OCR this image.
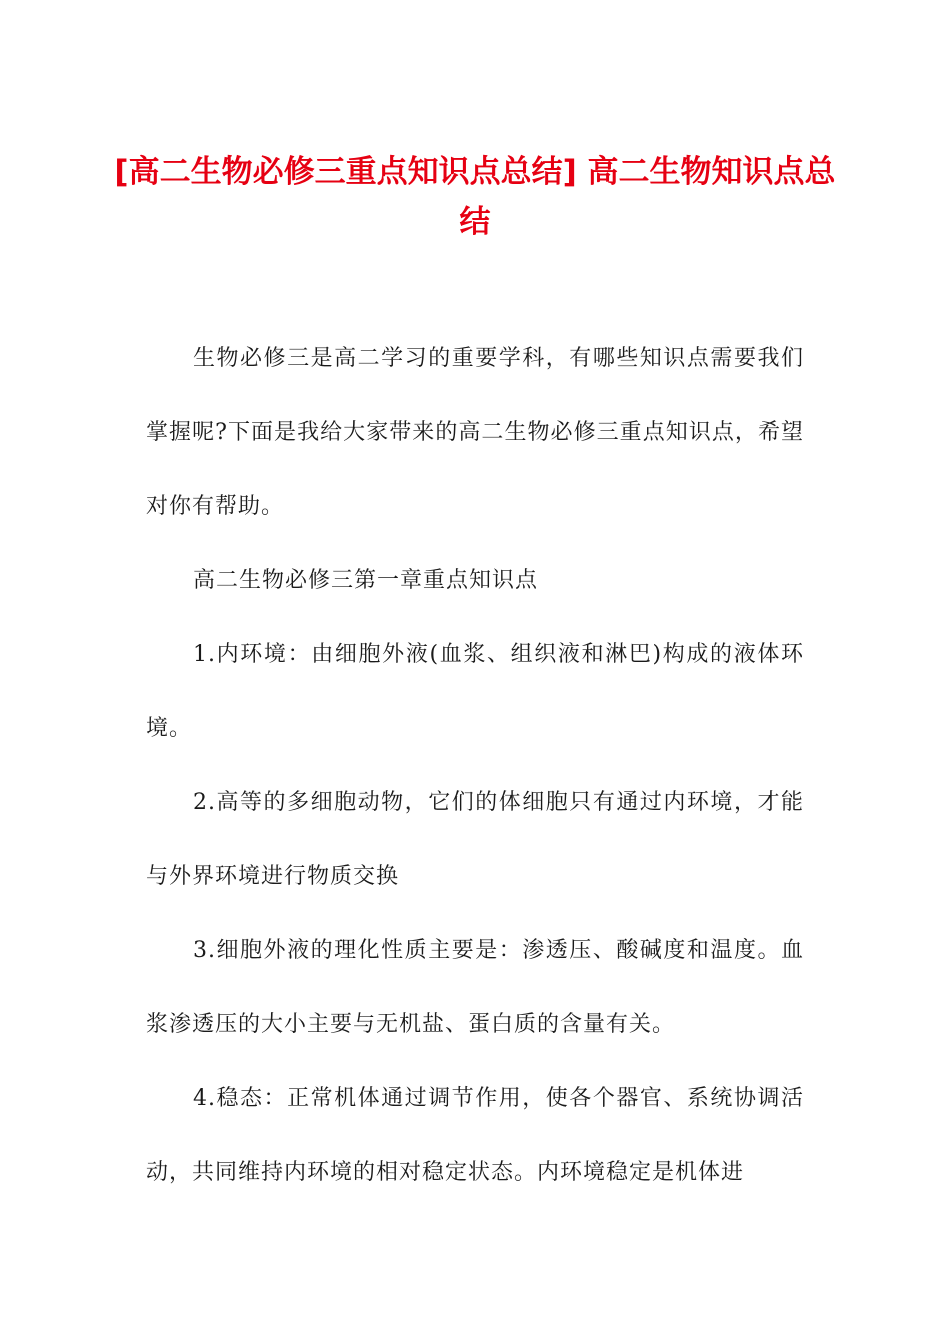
[高二生物必修三重点知识点总结] 高二生物知识点总结

生物必修三是高二学习的重要学科，有哪些知识点需要我们掌握呢?下面是我给大家带来的高二生物必修三重点知识点，希望对你有帮助。

高二生物必修三第一章重点知识点

1.内环境：由细胞外液(血浆、组织液和淋巴)构成的液体环境。

2.高等的多细胞动物，它们的体细胞只有通过内环境，才能与外界环境进行物质交换

3.细胞外液的理化性质主要是：渗透压、酸碱度和温度。血浆渗透压的大小主要与无机盐、蛋白质的含量有关。

4.稳态：正常机体通过调节作用，使各个器官、系统协调活动，共同维持内环境的相对稳定状态。内环境稳定是机体进
